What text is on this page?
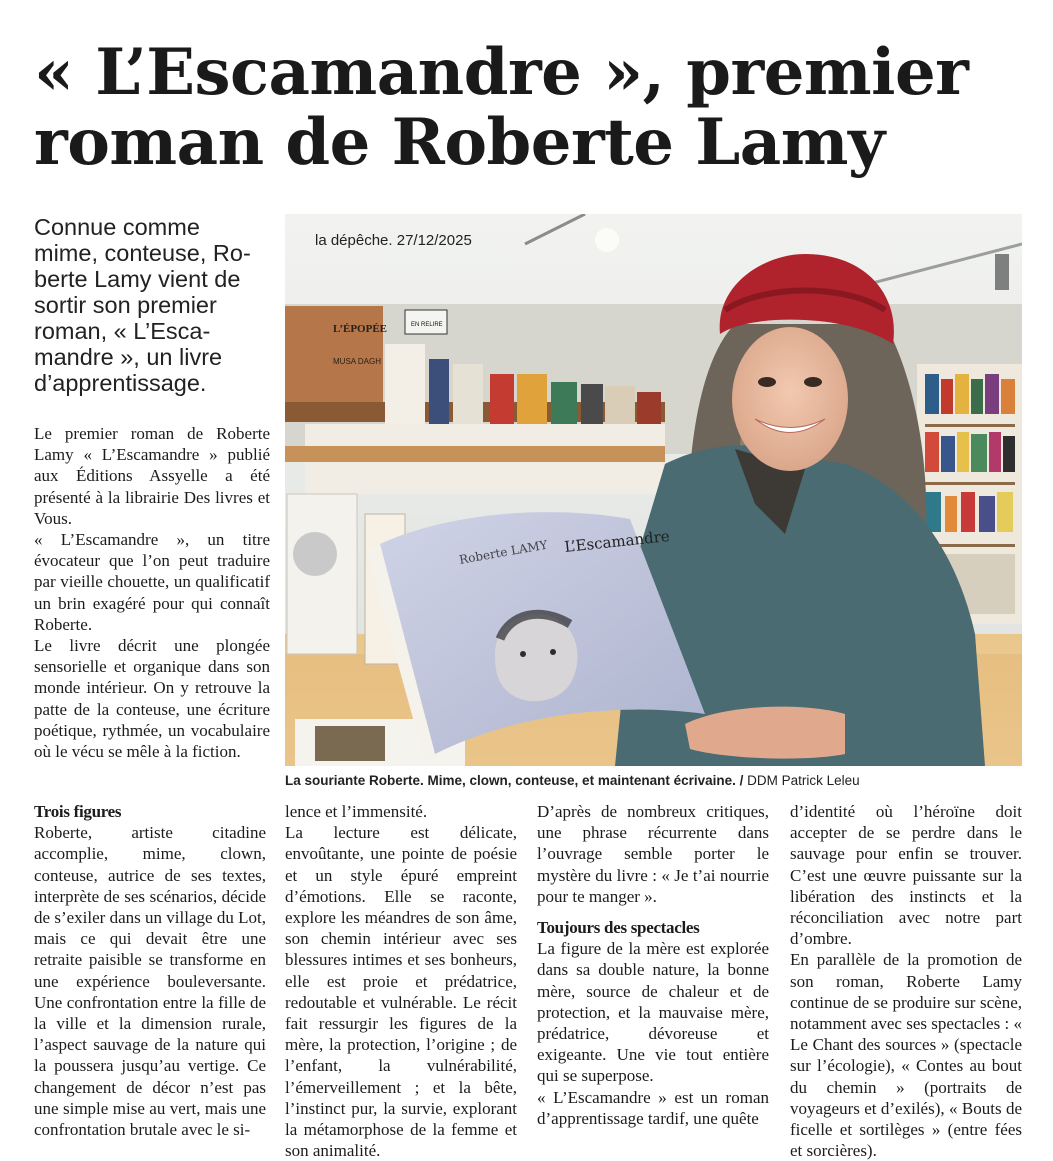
« L’Escamandre », premier
roman de Roberte Lamy
Connue comme mime, conteuse, Ro-berte Lamy vient de sortir son premier roman, « L’Esca-mandre », un livre d’apprentissage.

Le premier roman de Roberte Lamy « L’Escamandre » publié aux Éditions Assyelle a été présenté à la librairie Des livres et Vous.

« L’Escamandre », un titre évocateur que l’on peut traduire par vieille chouette, un qualificatif un brin exagéré pour qui connaît Roberte.

Le livre décrit une plongée sensorielle et organique dans son monde intérieur. On y retrouve la patte de la conteuse, une écriture poétique, rythmée, un vocabulaire où le vécu se mêle à la fiction.

L’ÉPOPÉE
MUSA DAGH
EN RELIRE
Roberte LAMY L’Escamandre
la dépêche. 27/12/2025
La souriante Roberte. Mime, clown, conteuse, et maintenant écrivaine. / DDM Patrick Leleu

Trois figures

Roberte, artiste citadine accomplie, mime, clown, conteuse, autrice de ses textes, interprète de ses scénarios, décide de s’exiler dans un village du Lot, mais ce qui devait être une retraite paisible se transforme en une expérience bouleversante. Une confrontation entre la fille de la ville et la dimension rurale, l’aspect sauvage de la nature qui la poussera jusqu’au vertige. Ce changement de décor n’est pas une simple mise au vert, mais une confrontation brutale avec le si-

lence et l’immensité.

La lecture est délicate, envoûtante, une pointe de poésie et un style épuré empreint d’émotions. Elle se raconte, explore les méandres de son âme, son chemin intérieur avec ses blessures intimes et ses bonheurs, elle est proie et prédatrice, redoutable et vulnérable. Le récit fait ressurgir les figures de la mère, la protection, l’origine ; de l’enfant, la vulnérabilité, l’émerveillement ; et la bête, l’instinct pur, la survie, explorant la métamorphose de la femme et son animalité.

D’après de nombreux critiques, une phrase récurrente dans l’ouvrage semble porter le mystère du livre : « Je t’ai nourrie pour te manger ».

Toujours des spectacles

La figure de la mère est explorée dans sa double nature, la bonne mère, source de chaleur et de protection, et la mauvaise mère, prédatrice, dévoreuse et exigeante. Une vie tout entière qui se superpose.

« L’Escamandre » est un roman d’apprentissage tardif, une quête

d’identité où l’héroïne doit accepter de se perdre dans le sauvage pour enfin se trouver. C’est une œuvre puissante sur la libération des instincts et la réconciliation avec notre part d’ombre.

En parallèle de la promotion de son roman, Roberte Lamy continue de se produire sur scène, notamment avec ses spectacles : « Le Chant des sources » (spectacle sur l’écologie), « Contes au bout du chemin » (portraits de voyageurs et d’exilés), « Bouts de ficelle et sortilèges » (entre fées et sorcières).
